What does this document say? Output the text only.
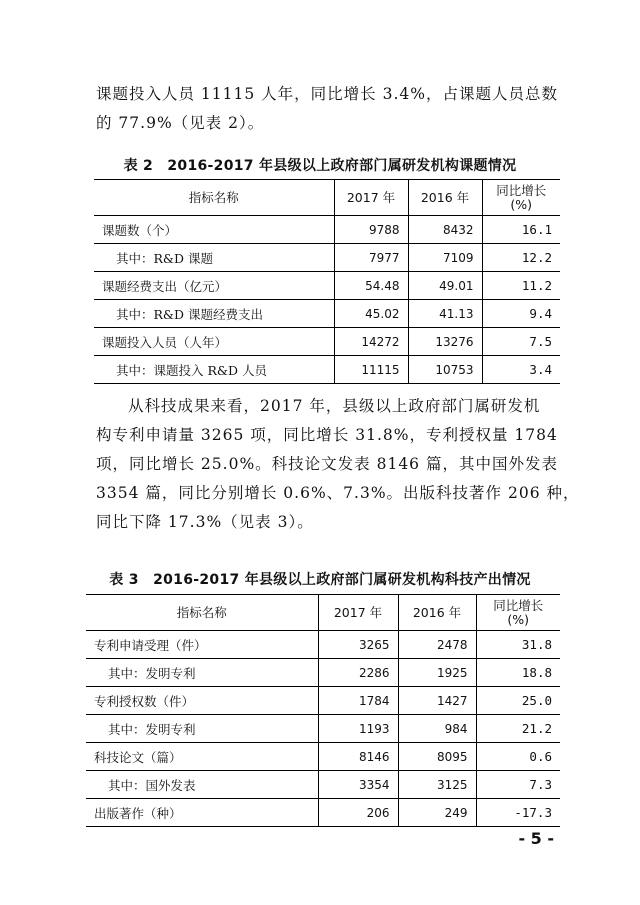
课题投入人员 11115 人年，同比增长 3.4%，占课题人员总数
的 77.9%（见表 2）。
表 2　2016-2017 年县级以上政府部门属研发机构课题情况
指标名称	2017 年	2016 年	同比增长
(%)
课题数（个）	9788	8432	16.1
其中：R&D 课题	7977	7109	12.2
课题经费支出（亿元）	54.48	49.01	11.2
其中：R&D 课题经费支出	45.02	41.13	9.4
课题投入人员（人年）	14272	13276	7.5
其中：课题投入 R&D 人员	11115	10753	3.4
从科技成果来看，2017 年，县级以上政府部门属研发机
构专利申请量 3265 项，同比增长 31.8%，专利授权量 1784
项，同比增长 25.0%。科技论文发表 8146 篇，其中国外发表
3354 篇，同比分别增长 0.6%、7.3%。出版科技著作 206 种，
同比下降 17.3%（见表 3）。
表 3　2016-2017 年县级以上政府部门属研发机构科技产出情况
指标名称	2017 年	2016 年	同比增长
(%)
专利申请受理（件）	3265	2478	31.8
其中：发明专利	2286	1925	18.8
专利授权数（件）	1784	1427	25.0
其中：发明专利	1193	984	21.2
科技论文（篇）	8146	8095	0.6
其中：国外发表	3354	3125	7.3
出版著作（种）	206	249	-17.3
- 5 -
